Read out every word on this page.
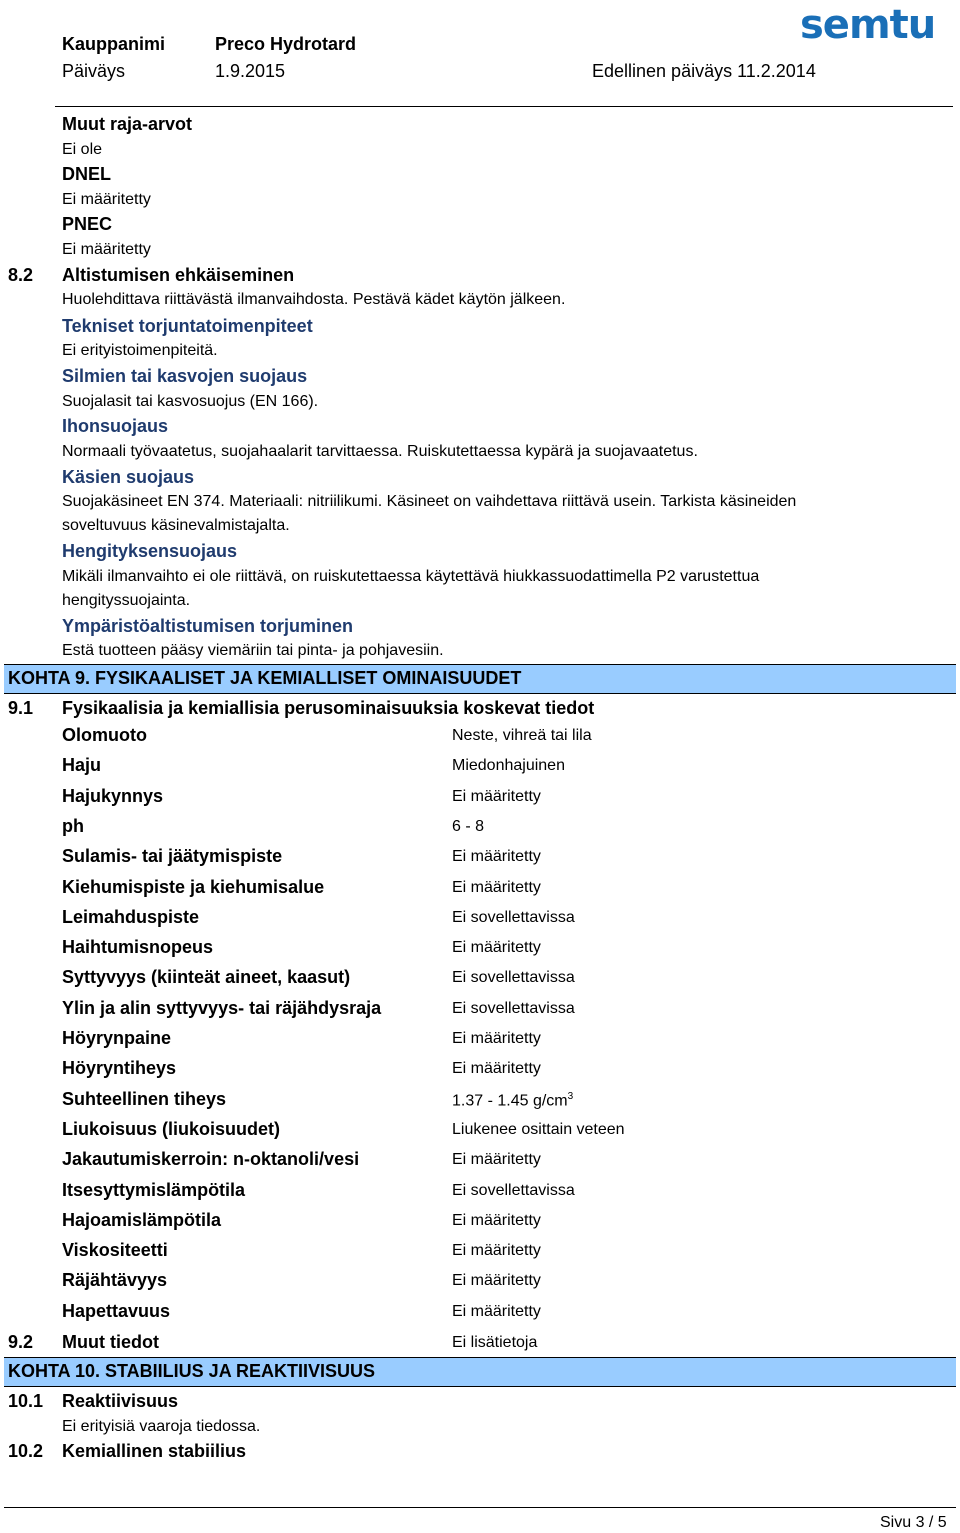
Kauppanimi	Preco Hydrotard
Päiväys	1.9.2015	Edellinen päiväys 11.2.2014
semtu
Muut raja-arvot
Ei ole
DNEL
Ei määritetty
PNEC
Ei määritetty
8.2 Altistumisen ehkäiseminen
Huolehdittava riittävästä ilmanvaihdosta. Pestävä kädet käytön jälkeen.
Tekniset torjuntatoimenpiteet
Ei erityistoimenpiteitä.
Silmien tai kasvojen suojaus
Suojalasit tai kasvosuojus (EN 166).
Ihonsuojaus
Normaali työvaatetus, suojahaalarit tarvittaessa. Ruiskutettaessa kypärä ja suojavaatetus.
Käsien suojaus
Suojakäsineet EN 374. Materiaali: nitriilikumi. Käsineet on vaihdettava riittävä usein. Tarkista käsineiden
soveltuvuus käsinevalmistajalta.
Hengityksensuojaus
Mikäli ilmanvaihto ei ole riittävä, on ruiskutettaessa käytettävä hiukkassuodattimella P2 varustettua
hengityssuojainta.
Ympäristöaltistumisen torjuminen
Estä tuotteen pääsy viemäriin tai pinta- ja pohjavesiin.
KOHTA 9. FYSIKAALISET JA KEMIALLISET OMINAISUUDET
9.1 Fysikaalisia ja kemiallisia perusominaisuuksia koskevat tiedot
Olomuoto	Neste, vihreä tai lila
Haju	Miedonhajuinen
Hajukynnys	Ei määritetty
ph	6 - 8
Sulamis- tai jäätymispiste	Ei määritetty
Kiehumispiste ja kiehumisalue	Ei määritetty
Leimahduspiste	Ei sovellettavissa
Haihtumisnopeus	Ei määritetty
Syttyvyys (kiinteät aineet, kaasut)	Ei sovellettavissa
Ylin ja alin syttyvyys- tai räjähdysraja	Ei sovellettavissa
Höyrynpaine	Ei määritetty
Höyryntiheys	Ei määritetty
Suhteellinen tiheys	1.37 - 1.45 $g/cm^3$
Liukoisuus (liukoisuudet)	Liukenee osittain veteen
Jakautumiskerroin: n-oktanoli/vesi	Ei määritetty
Itsesyttymislämpötila	Ei sovellettavissa
Hajoamislämpötila	Ei määritetty
Viskositeetti	Ei määritetty
Räjähtävyys	Ei määritetty
Hapettavuus	Ei määritetty
9.2 Muut tiedot	Ei lisätietoja
KOHTA 10. STABIILIUS JA REAKTIIVISUUS
10.1 Reaktiivisuus
Ei erityisiä vaaroja tiedossa.
10.2 Kemiallinen stabiilius
Sivu 3 / 5
